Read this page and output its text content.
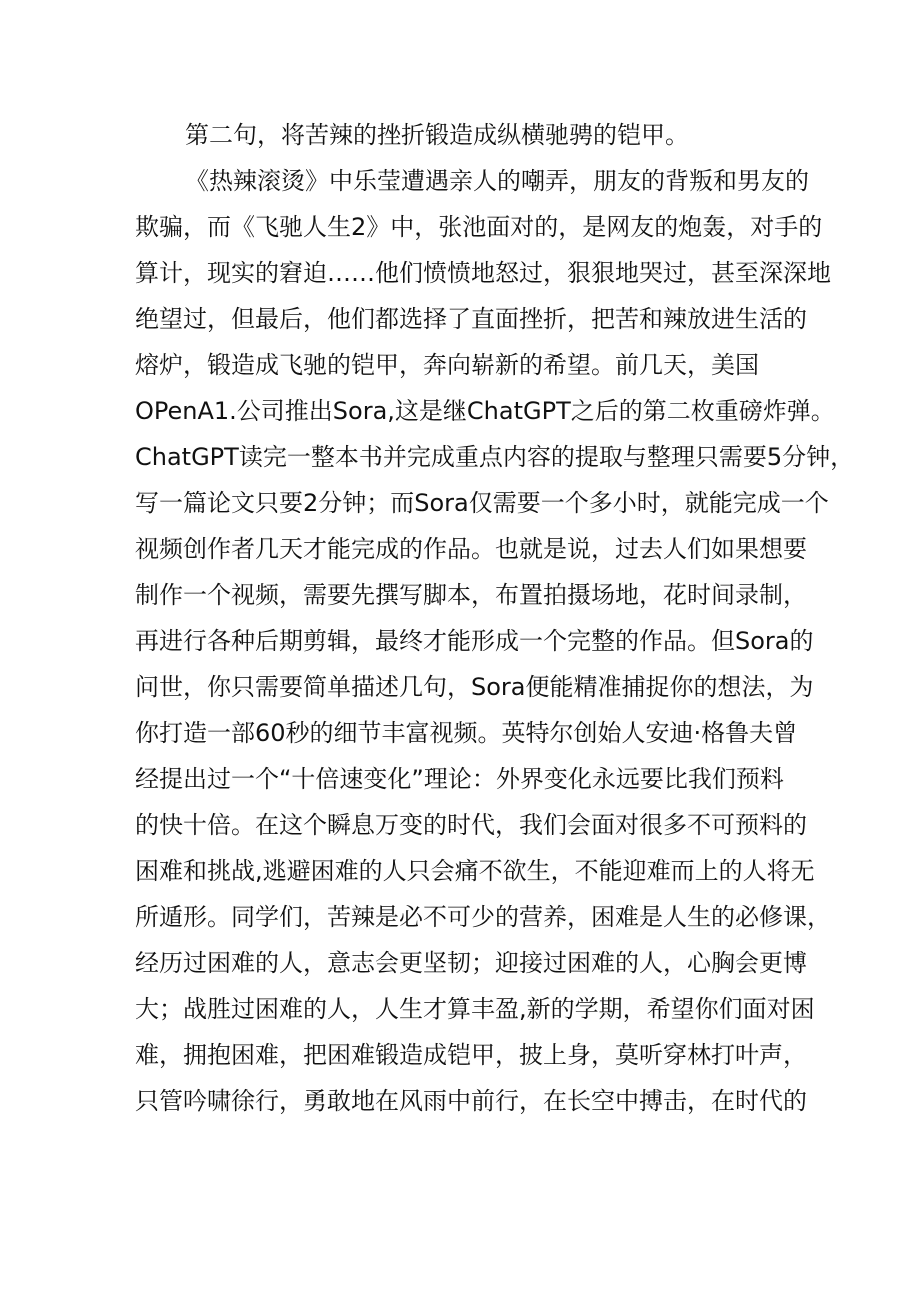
第二句，将苦辣的挫折锻造成纵横驰骋的铠甲。
《热辣滚烫》中乐莹遭遇亲人的嘲弄，朋友的背叛和男友的
欺骗，而《飞驰人生2》中，张池面对的，是网友的炮轰，对手的
算计，现实的窘迫……他们愤愤地怒过，狠狠地哭过，甚至深深地
绝望过，但最后，他们都选择了直面挫折，把苦和辣放进生活的
熔炉，锻造成飞驰的铠甲，奔向崭新的希望。前几天，美国
OPenA1.公司推出Sora,这是继ChatGPT之后的第二枚重磅炸弹。
ChatGPT读完一整本书并完成重点内容的提取与整理只需要5分钟，
写一篇论文只要2分钟；而Sora仅需要一个多小时，就能完成一个
视频创作者几天才能完成的作品。也就是说，过去人们如果想要
制作一个视频，需要先撰写脚本，布置拍摄场地，花时间录制，
再进行各种后期剪辑，最终才能形成一个完整的作品。但Sora的
问世，你只需要简单描述几句，Sora便能精准捕捉你的想法，为
你打造一部60秒的细节丰富视频。英特尔创始人安迪·格鲁夫曾
经提出过一个“十倍速变化”理论：外界变化永远要比我们预料
的快十倍。在这个瞬息万变的时代，我们会面对很多不可预料的
困难和挑战,逃避困难的人只会痛不欲生，不能迎难而上的人将无
所遁形。同学们，苦辣是必不可少的营养，困难是人生的必修课，
经历过困难的人，意志会更坚韧；迎接过困难的人，心胸会更博
大；战胜过困难的人，人生才算丰盈,新的学期，希望你们面对困
难，拥抱困难，把困难锻造成铠甲，披上身，莫听穿林打叶声，
只管吟啸徐行，勇敢地在风雨中前行，在长空中搏击，在时代的
